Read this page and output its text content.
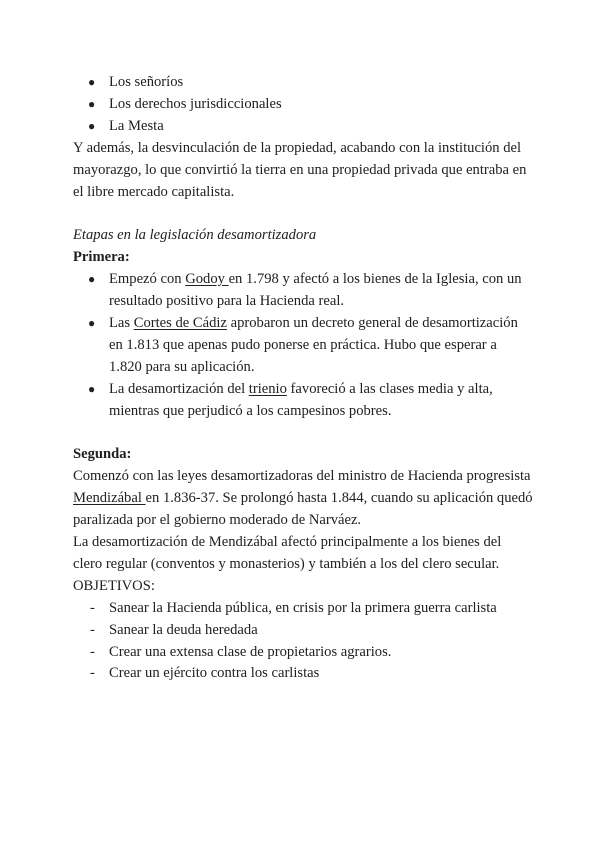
● Los señoríos
● Los derechos jurisdiccionales
● La Mesta

Y además, la desvinculación de la propiedad, acabando con la institución del mayorazgo, lo que convirtió la tierra en una propiedad privada que entraba en el libre mercado capitalista.

Etapas en la legislación desamortizadora

Primera:

● Empezó con Godoy en 1.798 y afectó a los bienes de la Iglesia, con un resultado positivo para la Hacienda real.
● Las Cortes de Cádiz aprobaron un decreto general de desamortización en 1.813 que apenas pudo ponerse en práctica. Hubo que esperar a 1.820 para su aplicación.
● La desamortización del trienio favoreció a las clases media y alta, mientras que perjudicó a los campesinos pobres.

Segunda:

Comenzó con las leyes desamortizadoras del ministro de Hacienda progresista Mendizábal en 1.836-37. Se prolongó hasta 1.844, cuando su aplicación quedó paralizada por el gobierno moderado de Narváez.

La desamortización de Mendizábal afectó principalmente a los bienes del clero regular (conventos y monasterios) y también a los del clero secular.

OBJETIVOS:

- Sanear la Hacienda pública, en crisis por la primera guerra carlista
- Sanear la deuda heredada
- Crear una extensa clase de propietarios agrarios.
- Crear un ejército contra los carlistas
